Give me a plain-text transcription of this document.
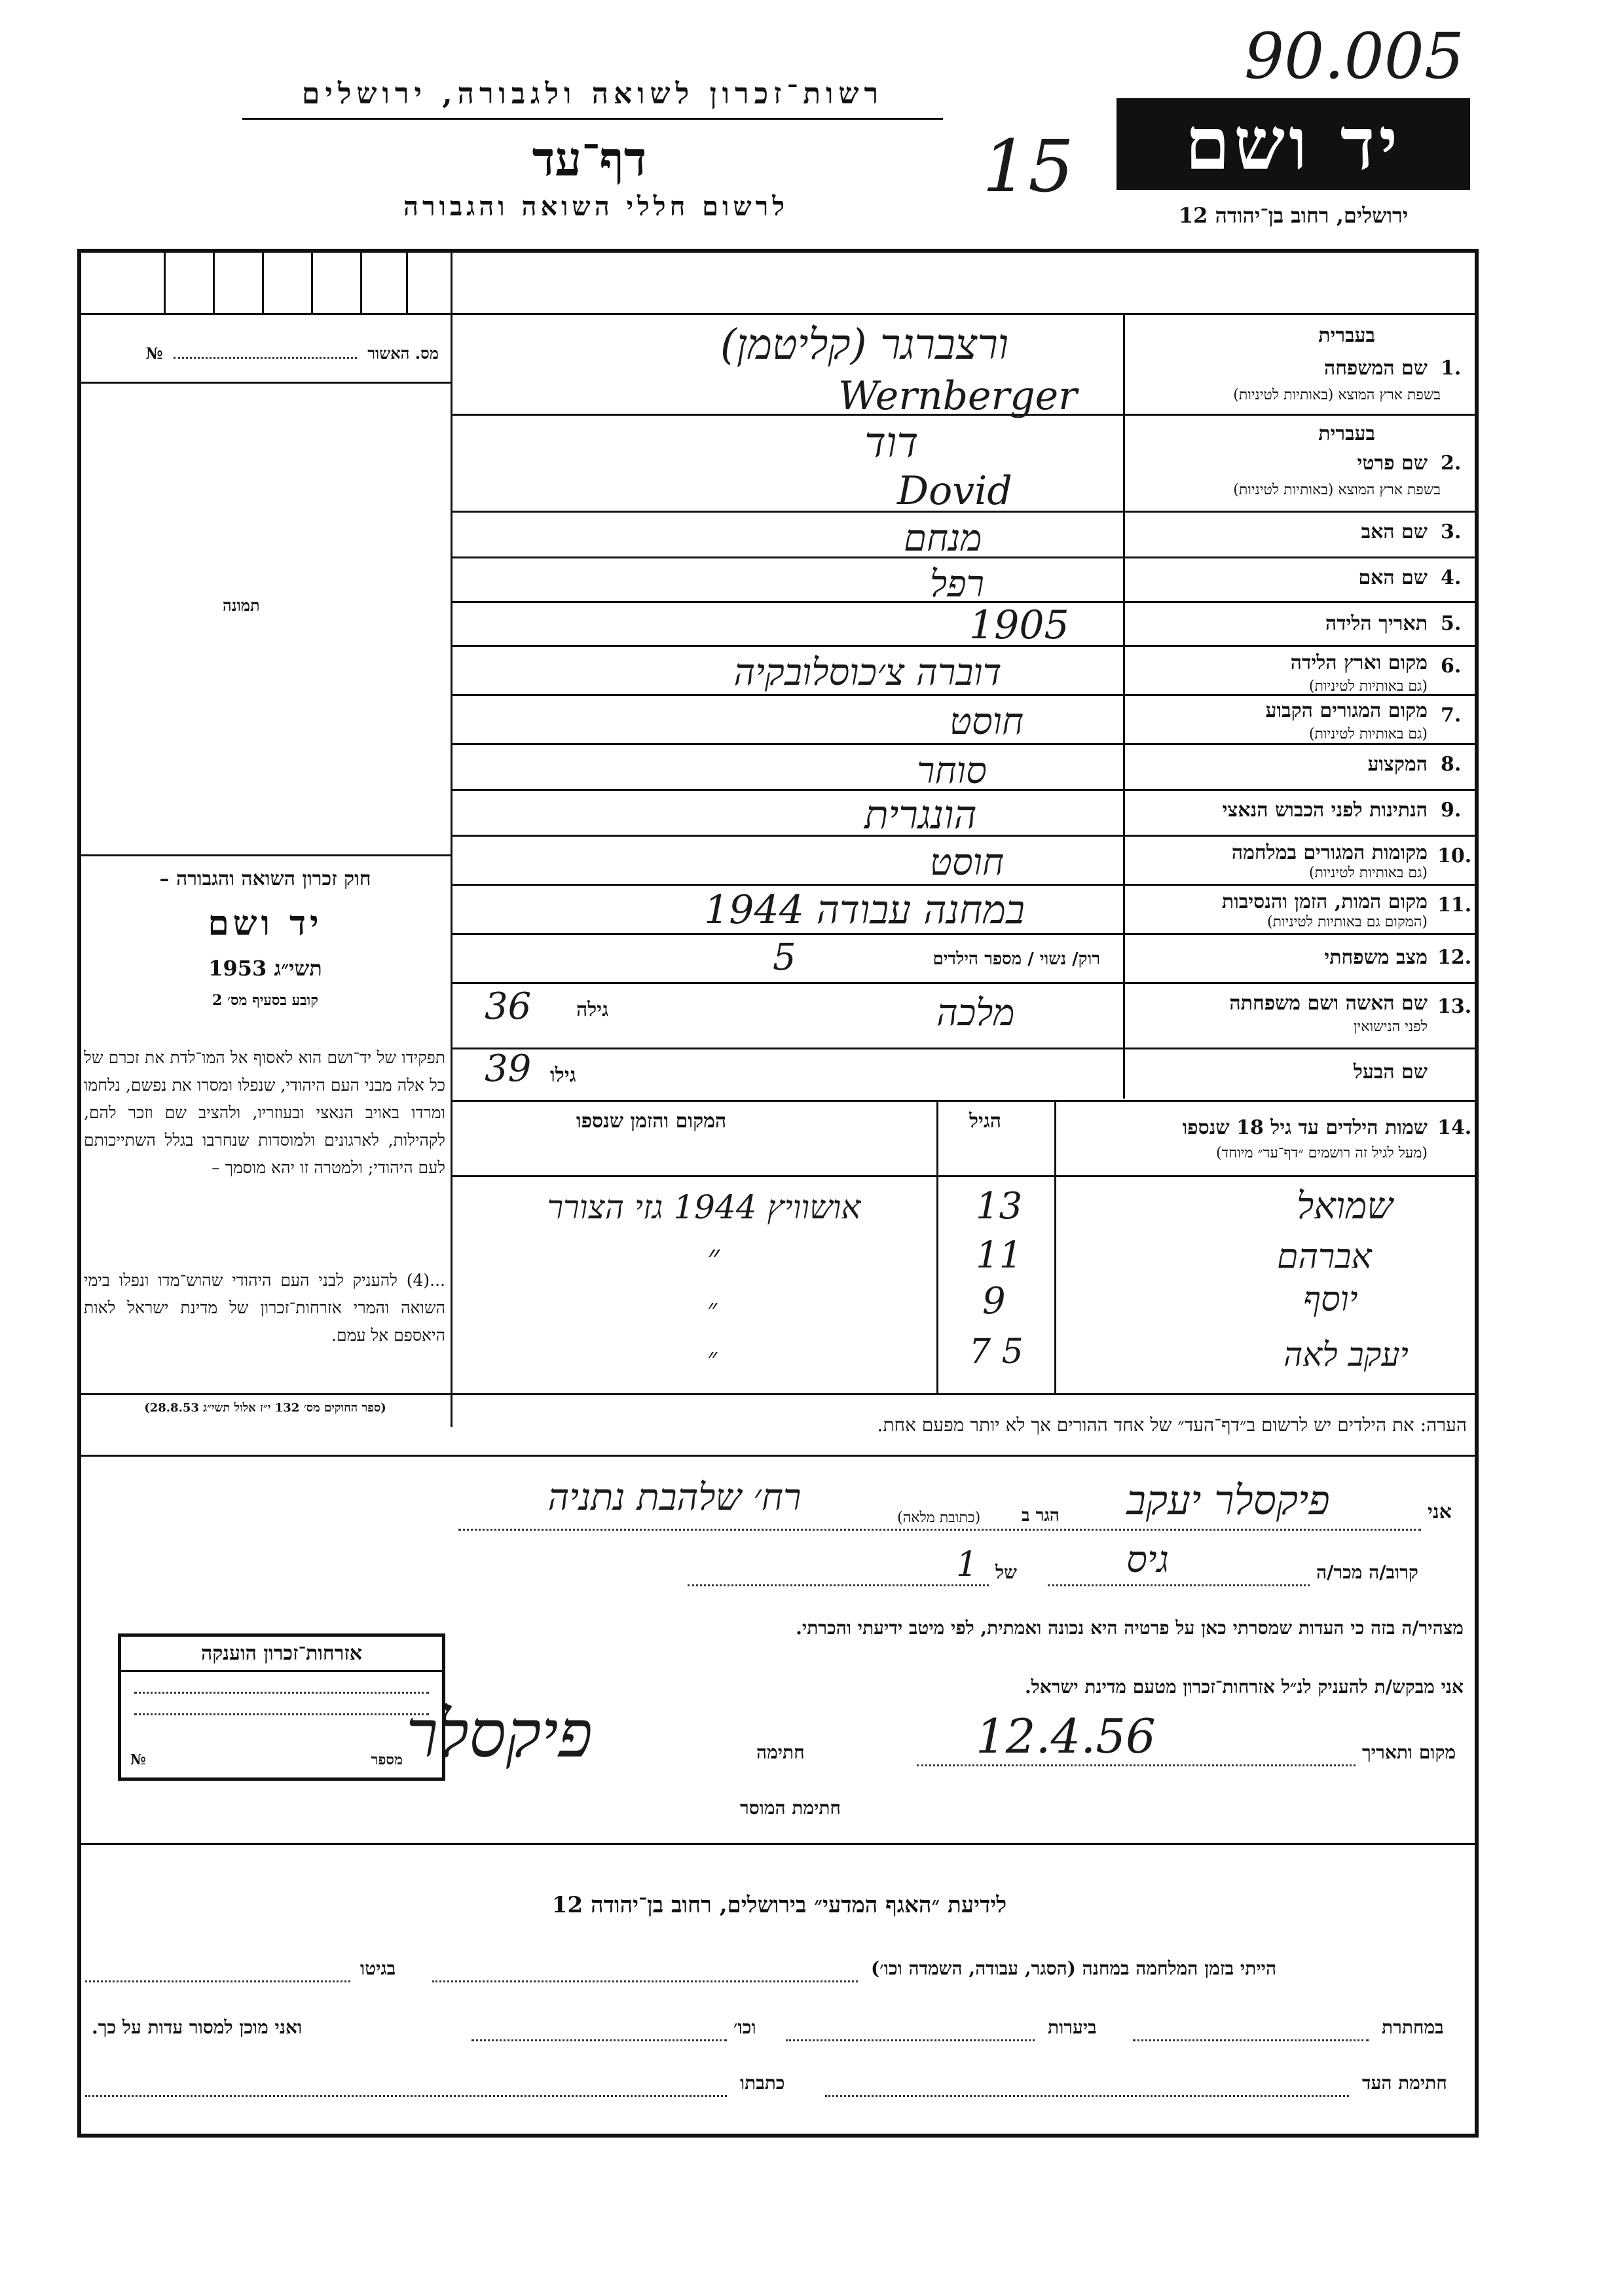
רשות־זכרון לשואה ולגבורה, ירושלים
דף־עד
לרשום חללי השואה והגבורה	15
90.005
יד ושם
ירושלים, רחוב בן־יהודה 12
מס. האשור  №
תמונה
חוק זכרון השואה והגבורה –
יד ושם
תשי״ג 1953
קובע בסעיף מס׳ 2
תפקידו של יד־ושם הוא לאסוף אל המו־לדת את זכרם של כל אלה מבני העם היהודי, שנפלו ומסרו את נפשם, נלחמו ומרדו באויב הנאצי ובעוזריו, ולהציב שם וזכר להם, לקהילות, לארגונים ולמוסדות שנחרבו בגלל השתייכותם לעם היהודי; ולמטרה זו יהא מוסמך –
...(4) להעניק לבני העם היהודי שהוש־מדו ונפלו בימי השואה והמרי אזרחות־זכרון של מדינת ישראל לאות היאספם אל עמם.
(ספר החוקים מס׳ 132 י״ז אלול תשי״ג 28.8.53)
בעברית
1.
שם המשפחה
בשפת ארץ המוצא (באותיות לטיניות)
ורצברגר (קליטמן)
Wernberger
בעברית
2.
שם פרטי
בשפת ארץ המוצא (באותיות לטיניות)
דוד
Dovid
3.
שם האב
מנחם
4.
שם האם
רפל
5.
תאריך הלידה
1905
6.
מקום וארץ הלידה
(גם באותיות לטיניות)
דוברה צ׳כוסלובקיה
7.
מקום המגורים הקבוע
(גם באותיות לטיניות)
חוסט
8.
המקצוע
סוחר
9.
הנתינות לפני הכבוש הנאצי
הונגרית
10.
מקומות המגורים במלחמה
(גם באותיות לטיניות)
חוסט
11.
מקום המות, הזמן והנסיבות
(המקום גם באותיות לטיניות)
במחנה עבודה 1944
12.
מצב משפחתי
רוק/ נשוי / מספר הילדים
5
13.
שם האשה ושם משפחתה
לפני הנישואין
מלכה
גילה
36
שם הבעל
גילו
39
14.
שמות הילדים עד גיל 18 שנספו
(מעל לגיל זה רושמים ״דף־עד״ מיוחד)
הגיל
המקום והזמן שנספו
שמואל
13
אושוויץ 1944 גזי הצורר
אברהם
11
״
יוסף
9
״
יעקב לאה
7 5
״
הערה: את הילדים יש לרשום ב״דף־העד״ של אחד ההורים אך לא יותר מפעם אחת.
אני
פיקסלר יעקב
הגר ב
(כתובת מלאה)
רח׳ שלהבת נתניה
קרוב/ה מכר/ה
גיס
של
1
מצהיר/ה בזה כי העדות שמסרתי כאן על פרטיה היא נכונה ואמתית, לפי מיטב ידיעתי והכרתי.
אני מבקש/ת להעניק לנ״ל אזרחות־זכרון מטעם מדינת ישראל.
מקום ותאריך
12.4.56
חתימה
פיקסלר
חתימת המוסר
אזרחות־זכרון הוענקה
№	מספר
לידיעת ״האגף המדעי״ בירושלים, רחוב בן־יהודה 12
הייתי בזמן המלחמה במחנה (הסגר, עבודה, השמדה וכו׳)
בגיטו
במחתרת
ביערות
וכו׳
ואני מוכן למסור עדות על כך.
חתימת העד
כתבתו
